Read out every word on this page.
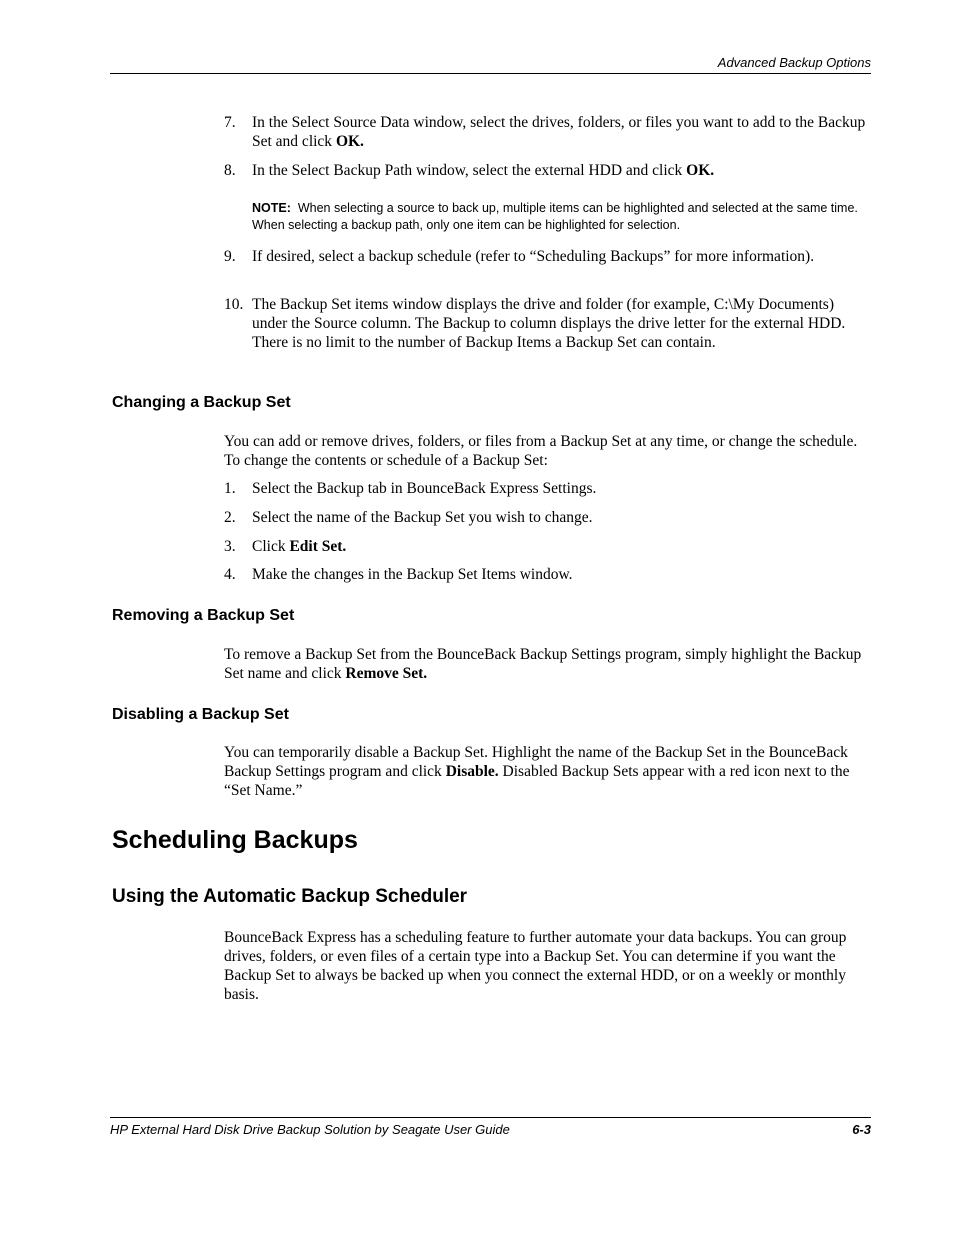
Advanced Backup Options
7. In the Select Source Data window, select the drives, folders, or files you want to add to the Backup Set and click OK.
8. In the Select Backup Path window, select the external HDD and click OK.
NOTE: When selecting a source to back up, multiple items can be highlighted and selected at the same time. When selecting a backup path, only one item can be highlighted for selection.
9. If desired, select a backup schedule (refer to “Scheduling Backups” for more information).
10. The Backup Set items window displays the drive and folder (for example, C:\My Documents) under the Source column. The Backup to column displays the drive letter for the external HDD. There is no limit to the number of Backup Items a Backup Set can contain.
Changing a Backup Set
You can add or remove drives, folders, or files from a Backup Set at any time, or change the schedule. To change the contents or schedule of a Backup Set:
1. Select the Backup tab in BounceBack Express Settings.
2. Select the name of the Backup Set you wish to change.
3. Click Edit Set.
4. Make the changes in the Backup Set Items window.
Removing a Backup Set
To remove a Backup Set from the BounceBack Backup Settings program, simply highlight the Backup Set name and click Remove Set.
Disabling a Backup Set
You can temporarily disable a Backup Set. Highlight the name of the Backup Set in the BounceBack Backup Settings program and click Disable. Disabled Backup Sets appear with a red icon next to the “Set Name.”
Scheduling Backups
Using the Automatic Backup Scheduler
BounceBack Express has a scheduling feature to further automate your data backups. You can group drives, folders, or even files of a certain type into a Backup Set. You can determine if you want the Backup Set to always be backed up when you connect the external HDD, or on a weekly or monthly basis.
HP External Hard Disk Drive Backup Solution by Seagate User Guide	6-3
